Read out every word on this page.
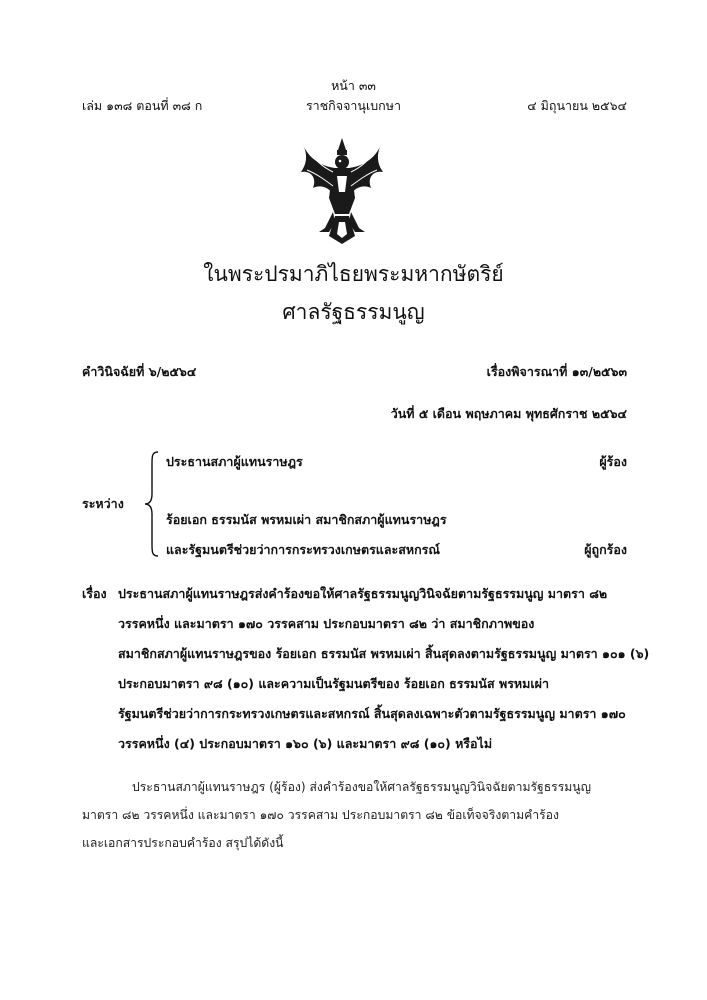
หน้า ๓๓
เล่ม ๑๓๘ ตอนที่ ๓๘ ก	ราชกิจจานุเบกษา	๔ มิถุนายน ๒๕๖๔
ในพระปรมาภิไธยพระมหากษัตริย์
ศาลรัฐธรรมนูญ
คำวินิจฉัยที่ ๖/๒๕๖๔	เรื่องพิจารณาที่ ๑๓/๒๕๖๓
วันที่ ๕ เดือน พฤษภาคม พุทธศักราช ๒๕๖๔
ระหว่าง
ประธานสภาผู้แทนราษฎร	ผู้ร้อง
ร้อยเอก ธรรมนัส พรหมเผ่า สมาชิกสภาผู้แทนราษฎร
และรัฐมนตรีช่วยว่าการกระทรวงเกษตรและสหกรณ์	ผู้ถูกร้อง
เรื่อง ประธานสภาผู้แทนราษฎรส่งคำร้องขอให้ศาลรัฐธรรมนูญวินิจฉัยตามรัฐธรรมนูญ มาตรา ๘๒
วรรคหนึ่ง และมาตรา ๑๗๐ วรรคสาม ประกอบมาตรา ๘๒ ว่า สมาชิกภาพของ
สมาชิกสภาผู้แทนราษฎรของ ร้อยเอก ธรรมนัส พรหมเผ่า สิ้นสุดลงตามรัฐธรรมนูญ มาตรา ๑๐๑ (๖)
ประกอบมาตรา ๙๘ (๑๐) และความเป็นรัฐมนตรีของ ร้อยเอก ธรรมนัส พรหมเผ่า
รัฐมนตรีช่วยว่าการกระทรวงเกษตรและสหกรณ์ สิ้นสุดลงเฉพาะตัวตามรัฐธรรมนูญ มาตรา ๑๗๐
วรรคหนึ่ง (๔) ประกอบมาตรา ๑๖๐ (๖) และมาตรา ๙๘ (๑๐) หรือไม่
ประธานสภาผู้แทนราษฎร (ผู้ร้อง) ส่งคำร้องขอให้ศาลรัฐธรรมนูญวินิจฉัยตามรัฐธรรมนูญ
มาตรา ๘๒ วรรคหนึ่ง และมาตรา ๑๗๐ วรรคสาม ประกอบมาตรา ๘๒ ข้อเท็จจริงตามคำร้อง
และเอกสารประกอบคำร้อง สรุปได้ดังนี้
